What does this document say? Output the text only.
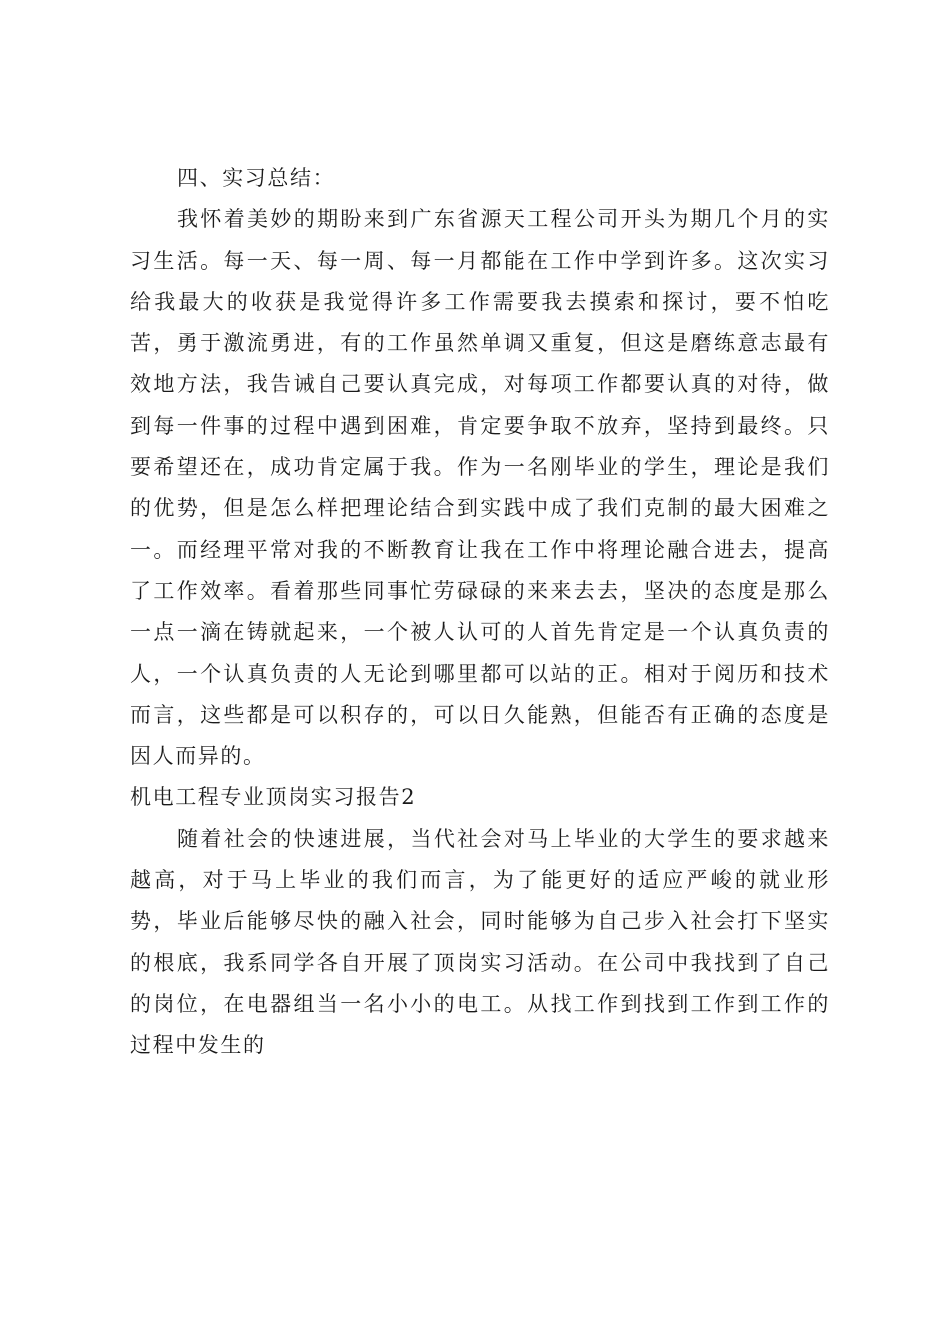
四、实习总结：

我怀着美妙的期盼来到广东省源天工程公司开头为期几个月的实习生活。每一天、每一周、每一月都能在工作中学到许多。这次实习给我最大的收获是我觉得许多工作需要我去摸索和探讨，要不怕吃苦，勇于激流勇进，有的工作虽然单调又重复，但这是磨练意志最有效地方法，我告诫自己要认真完成，对每项工作都要认真的对待，做到每一件事的过程中遇到困难，肯定要争取不放弃，坚持到最终。只要希望还在，成功肯定属于我。作为一名刚毕业的学生，理论是我们的优势，但是怎么样把理论结合到实践中成了我们克制的最大困难之一。而经理平常对我的不断教育让我在工作中将理论融合进去，提高了工作效率。看着那些同事忙劳碌碌的来来去去，坚决的态度是那么一点一滴在铸就起来，一个被人认可的人首先肯定是一个认真负责的人，一个认真负责的人无论到哪里都可以站的正。相对于阅历和技术而言，这些都是可以积存的，可以日久能熟，但能否有正确的态度是因人而异的。

机电工程专业顶岗实习报告2

随着社会的快速进展，当代社会对马上毕业的大学生的要求越来越高，对于马上毕业的我们而言，为了能更好的适应严峻的就业形势，毕业后能够尽快的融入社会，同时能够为自己步入社会打下坚实的根底，我系同学各自开展了顶岗实习活动。在公司中我找到了自己的岗位，在电器组当一名小小的电工。从找工作到找到工作到工作的过程中发生的
